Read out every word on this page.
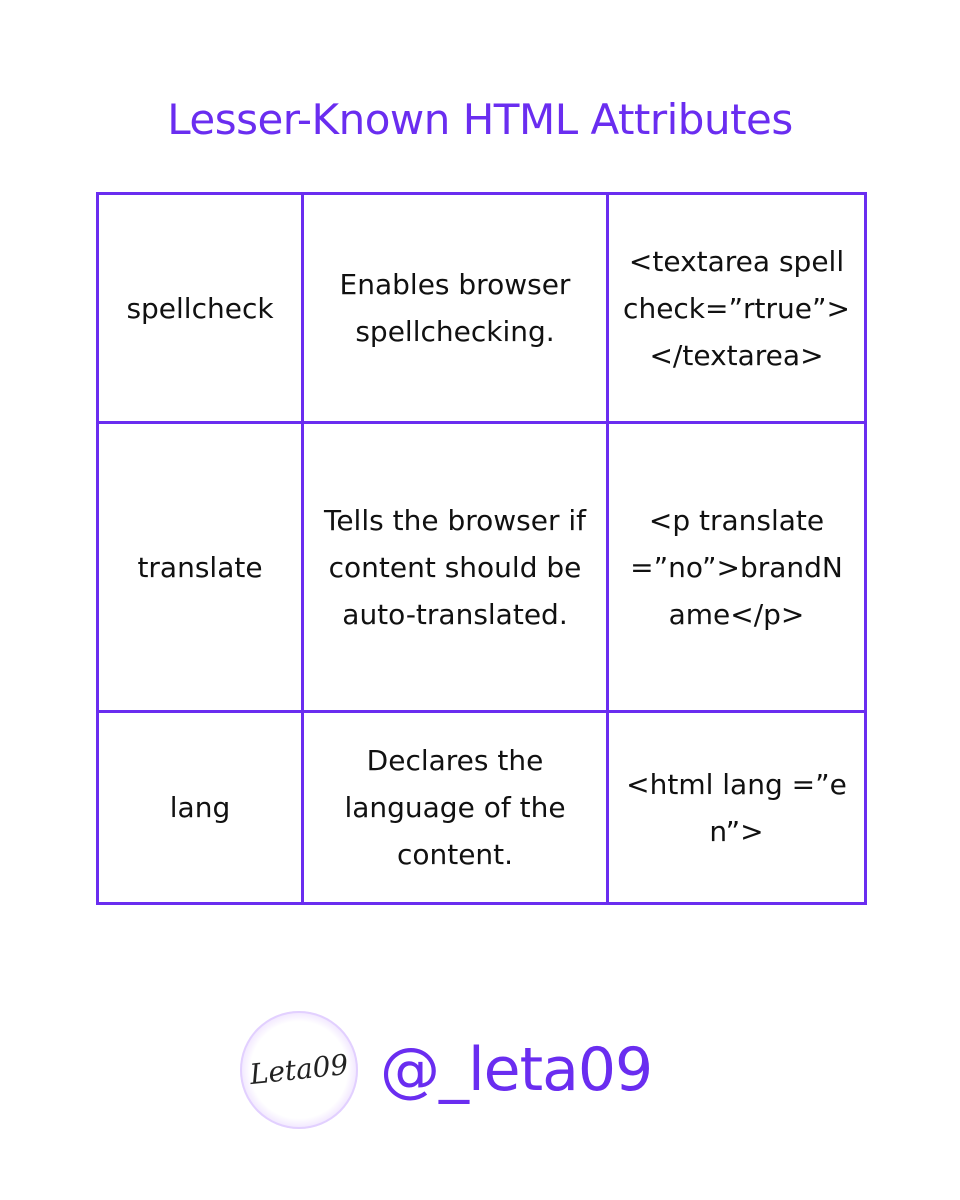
Lesser-Known HTML Attributes
spellcheck	Enables browser spellchecking.	<textarea spellcheck=”rtrue”></textarea>
translate	Tells the browser if content should be auto-translated.	<p translate=”no”>brandName</p>
lang	Declares the language of the content.	<html lang =”en”>
Leta09 @_leta09
